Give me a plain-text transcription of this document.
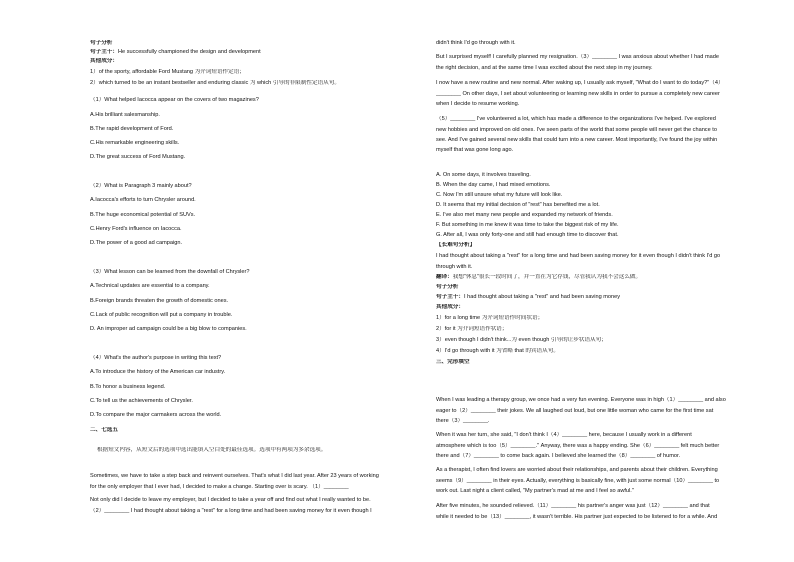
句子分析
句子主干：He successfully championed the design and development
其他成分：
1）of the sporty, affordable Ford Mustang 为介词短语作定语；
2）which turned to be an instant bestseller and enduring classic 为 which 引导的非限制性定语从句。
（1）What helped Iacocca appear on the covers of two magazines?
A.His brilliant salesmanship.
B.The rapid development of Ford.
C.His remarkable engineering skills.
D.The great success of Ford Mustang.
（2）What is Paragraph 3 mainly about?
A.Iacocca's efforts to turn Chrysler around.
B.The huge economical potential of SUVs.
C.Henry Ford's influence on Iacocca.
D.The power of a good ad campaign.
（3）What lesson can be learned from the downfall of Chrysler?
A.Technical updates are essential to a company.
B.Foreign brands threaten the growth of domestic ones.
C.Lack of public recognition will put a company in trouble.
D. An improper ad campaign could be a big blow to companies.
（4）What's the author's purpose in writing this text?
A.To introduce the history of the American car industry.
B.To honor a business legend.
C.To tell us the achievements of Chrysler.
D.To compare the major carmakers across the world.
二、七选五
根据短文内容，从短文后的选项中选出能填入空白处的最佳选项。选项中有两项为多余选项。
Sometimes, we have to take a step back and reinvent ourselves. That's what I did last year. After 23 years of working
for the only employer that I ever had, I decided to make a change. Starting over is scary. （1）________
Not only did I decide to leave my employer, but I decided to take a year off and find out what I really wanted to be.
（2）________ I had thought about taking a "rest" for a long time and had been saving money for it even though I
didn't think I'd go through with it.
But I surprised myself! I carefully planned my resignation.（3）________ I was anxious about whether I had made
the right decision, and at the same time I was excited about the next step in my journey.
I now have a new routine and new normal. After waking up, I usually ask myself, "What do I want to do today?"（4）
________ On other days, I set about volunteering or learning new skills in order to pursue a completely new career
when I decide to resume working.
（5）________ I've volunteered a lot, which has made a difference to the organizations I've helped. I've explored
new hobbies and improved on old ones. I've seen parts of the world that some people will never get the chance to
see. And I've gained several new skills that could turn into a new career. Most importantly, I've found the joy within
myself that was gone long ago.
A. On some days, it involves traveling.
B. When the day came, I had mixed emotions.
C. Now I'm still unsure what my future will look like.
D. It seems that my initial decision of "rest" has benefited me a lot.
E. I've also met many new people and expanded my network of friends.
F. But something in me knew it was time to take the biggest risk of my life.
G. After all, I was only forty-one and still had enough time to discover that.
【长难句分析】
I had thought about taking a "rest" for a long time and had been saving money for it even though I didn't think I'd go
through with it.
翻译：我想“休息”很长一段时间了，并一直在为它存钱，尽管我认为我不会这么做。
句子分析
句子主干：I had thought about taking a "rest" and had been saving money
其他成分：
1）for a long time 为介词短语作时间状语；
2）for it 为介词短语作状语；
3）even though I didn't think...为 even though 引导的让步状语从句；
4）I'd go through with it 为省略 that 的宾语从句。
三、完形填空
When I was leading a therapy group, we once had a very fun evening. Everyone was in high（1）________ and also
eager to（2）________ their jokes. We all laughed out loud, but one little woman who came for the first time sat
there（3）________.
When it was her turn, she said, "I don't think I（4）________ here, because I usually work in a different
atmosphere which is too（5）________." Anyway, there was a happy ending. She（6）________ felt much better
there and（7）________ to come back again. I believed she learned the（8）________ of humor.
As a therapist, I often find lovers are worried about their relationships, and parents about their children. Everything
seems（9）________ in their eyes. Actually, everything is basically fine, with just some normal（10）________ to
work out. Last night a client called, "My partner's mad at me and I feel so awful."
After five minutes, he sounded relieved.（11）________ his partner's anger was just（12）________ and that
while it needed to be（13）________, it wasn't terrible. His partner just expected to be listened to for a while. And
